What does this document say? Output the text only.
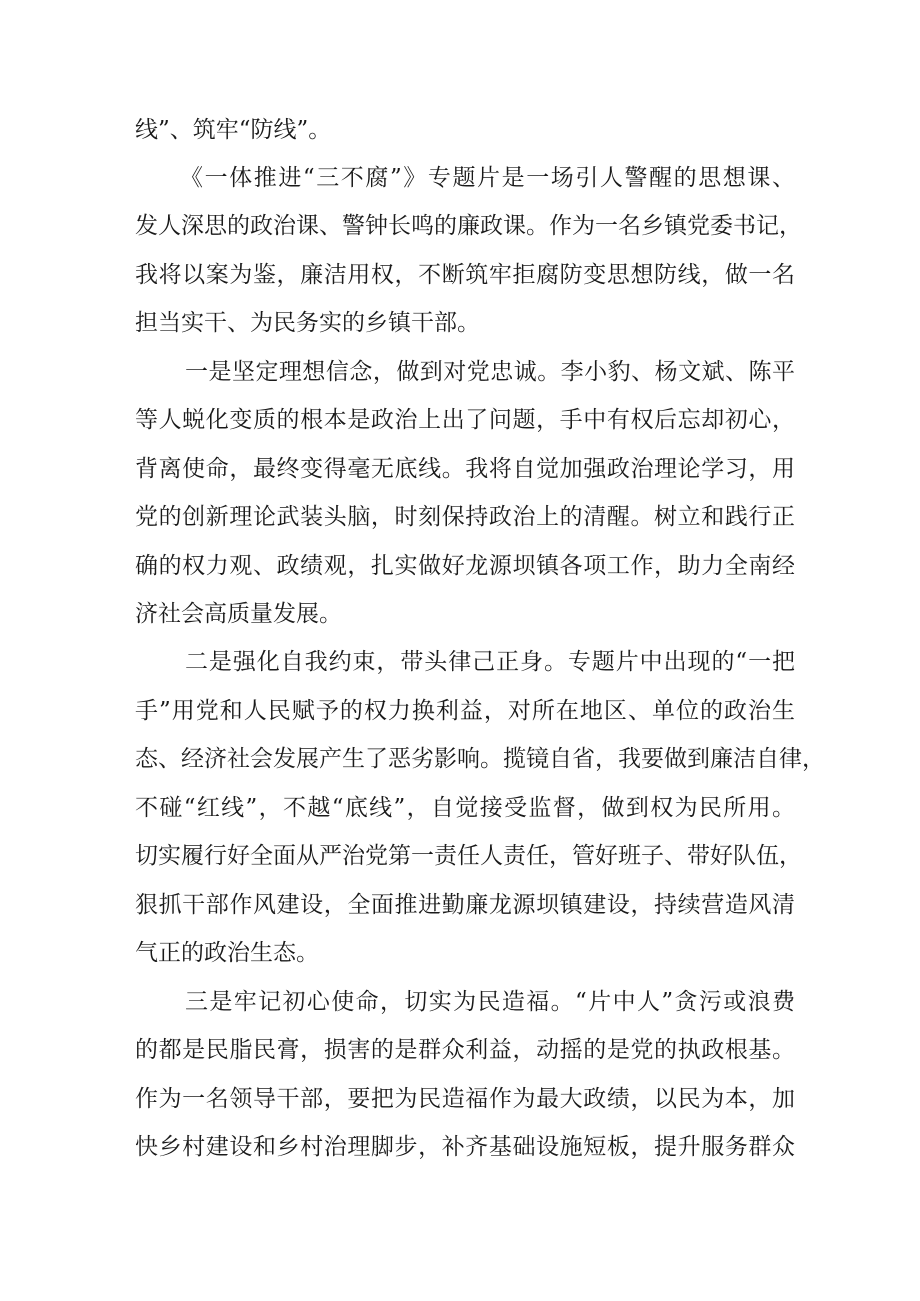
线”、筑牢“防线”。
《一体推进“三不腐”》专题片是一场引人警醒的思想课、
发人深思的政治课、警钟长鸣的廉政课。作为一名乡镇党委书记，
我将以案为鉴，廉洁用权，不断筑牢拒腐防变思想防线，做一名
担当实干、为民务实的乡镇干部。
一是坚定理想信念，做到对党忠诚。李小豹、杨文斌、陈平
等人蜕化变质的根本是政治上出了问题，手中有权后忘却初心，
背离使命，最终变得毫无底线。我将自觉加强政治理论学习，用
党的创新理论武装头脑，时刻保持政治上的清醒。树立和践行正
确的权力观、政绩观，扎实做好龙源坝镇各项工作，助力全南经
济社会高质量发展。
二是强化自我约束，带头律己正身。专题片中出现的“一把
手”用党和人民赋予的权力换利益，对所在地区、单位的政治生
态、经济社会发展产生了恶劣影响。揽镜自省，我要做到廉洁自律，
不碰“红线”，不越“底线”，自觉接受监督，做到权为民所用。
切实履行好全面从严治党第一责任人责任，管好班子、带好队伍，
狠抓干部作风建设，全面推进勤廉龙源坝镇建设，持续营造风清
气正的政治生态。
三是牢记初心使命，切实为民造福。“片中人”贪污或浪费
的都是民脂民膏，损害的是群众利益，动摇的是党的执政根基。
作为一名领导干部，要把为民造福作为最大政绩，以民为本，加
快乡村建设和乡村治理脚步，补齐基础设施短板，提升服务群众
